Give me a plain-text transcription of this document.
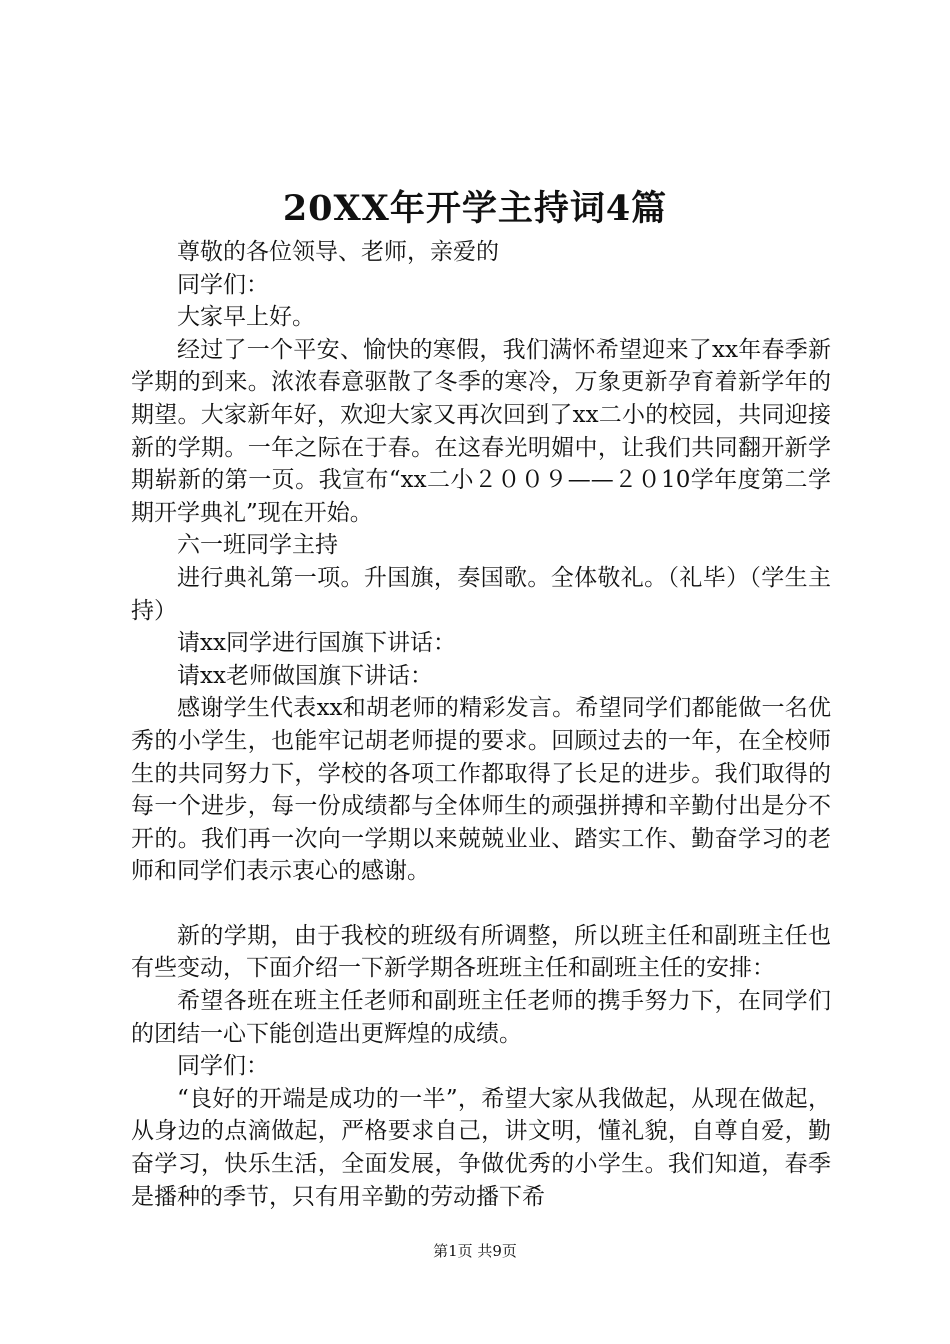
20XX年开学主持词4篇

尊敬的各位领导、老师，亲爱的

同学们：

大家早上好。

经过了一个平安、愉快的寒假，我们满怀希望迎来了xx年春季新学期的到来。浓浓春意驱散了冬季的寒冷，万象更新孕育着新学年的期望。大家新年好，欢迎大家又再次回到了xx二小的校园，共同迎接新的学期。一年之际在于春。在这春光明媚中，让我们共同翻开新学期崭新的第一页。我宣布“xx二小２００９——２０10学年度第二学期开学典礼”现在开始。

六一班同学主持

进行典礼第一项。升国旗，奏国歌。全体敬礼。（礼毕）（学生主持）

请xx同学进行国旗下讲话：

请xx老师做国旗下讲话：

感谢学生代表xx和胡老师的精彩发言。希望同学们都能做一名优秀的小学生，也能牢记胡老师提的要求。回顾过去的一年，在全校师生的共同努力下，学校的各项工作都取得了长足的进步。我们取得的每一个进步，每一份成绩都与全体师生的顽强拼搏和辛勤付出是分不开的。我们再一次向一学期以来兢兢业业、踏实工作、勤奋学习的老师和同学们表示衷心的感谢。

新的学期，由于我校的班级有所调整，所以班主任和副班主任也有些变动，下面介绍一下新学期各班班主任和副班主任的安排：

希望各班在班主任老师和副班主任老师的携手努力下，在同学们的团结一心下能创造出更辉煌的成绩。

同学们：

“良好的开端是成功的一半”，希望大家从我做起，从现在做起，从身边的点滴做起，严格要求自己，讲文明，懂礼貌，自尊自爱，勤奋学习，快乐生活，全面发展，争做优秀的小学生。我们知道，春季是播种的季节，只有用辛勤的劳动播下希

第1页 共9页
